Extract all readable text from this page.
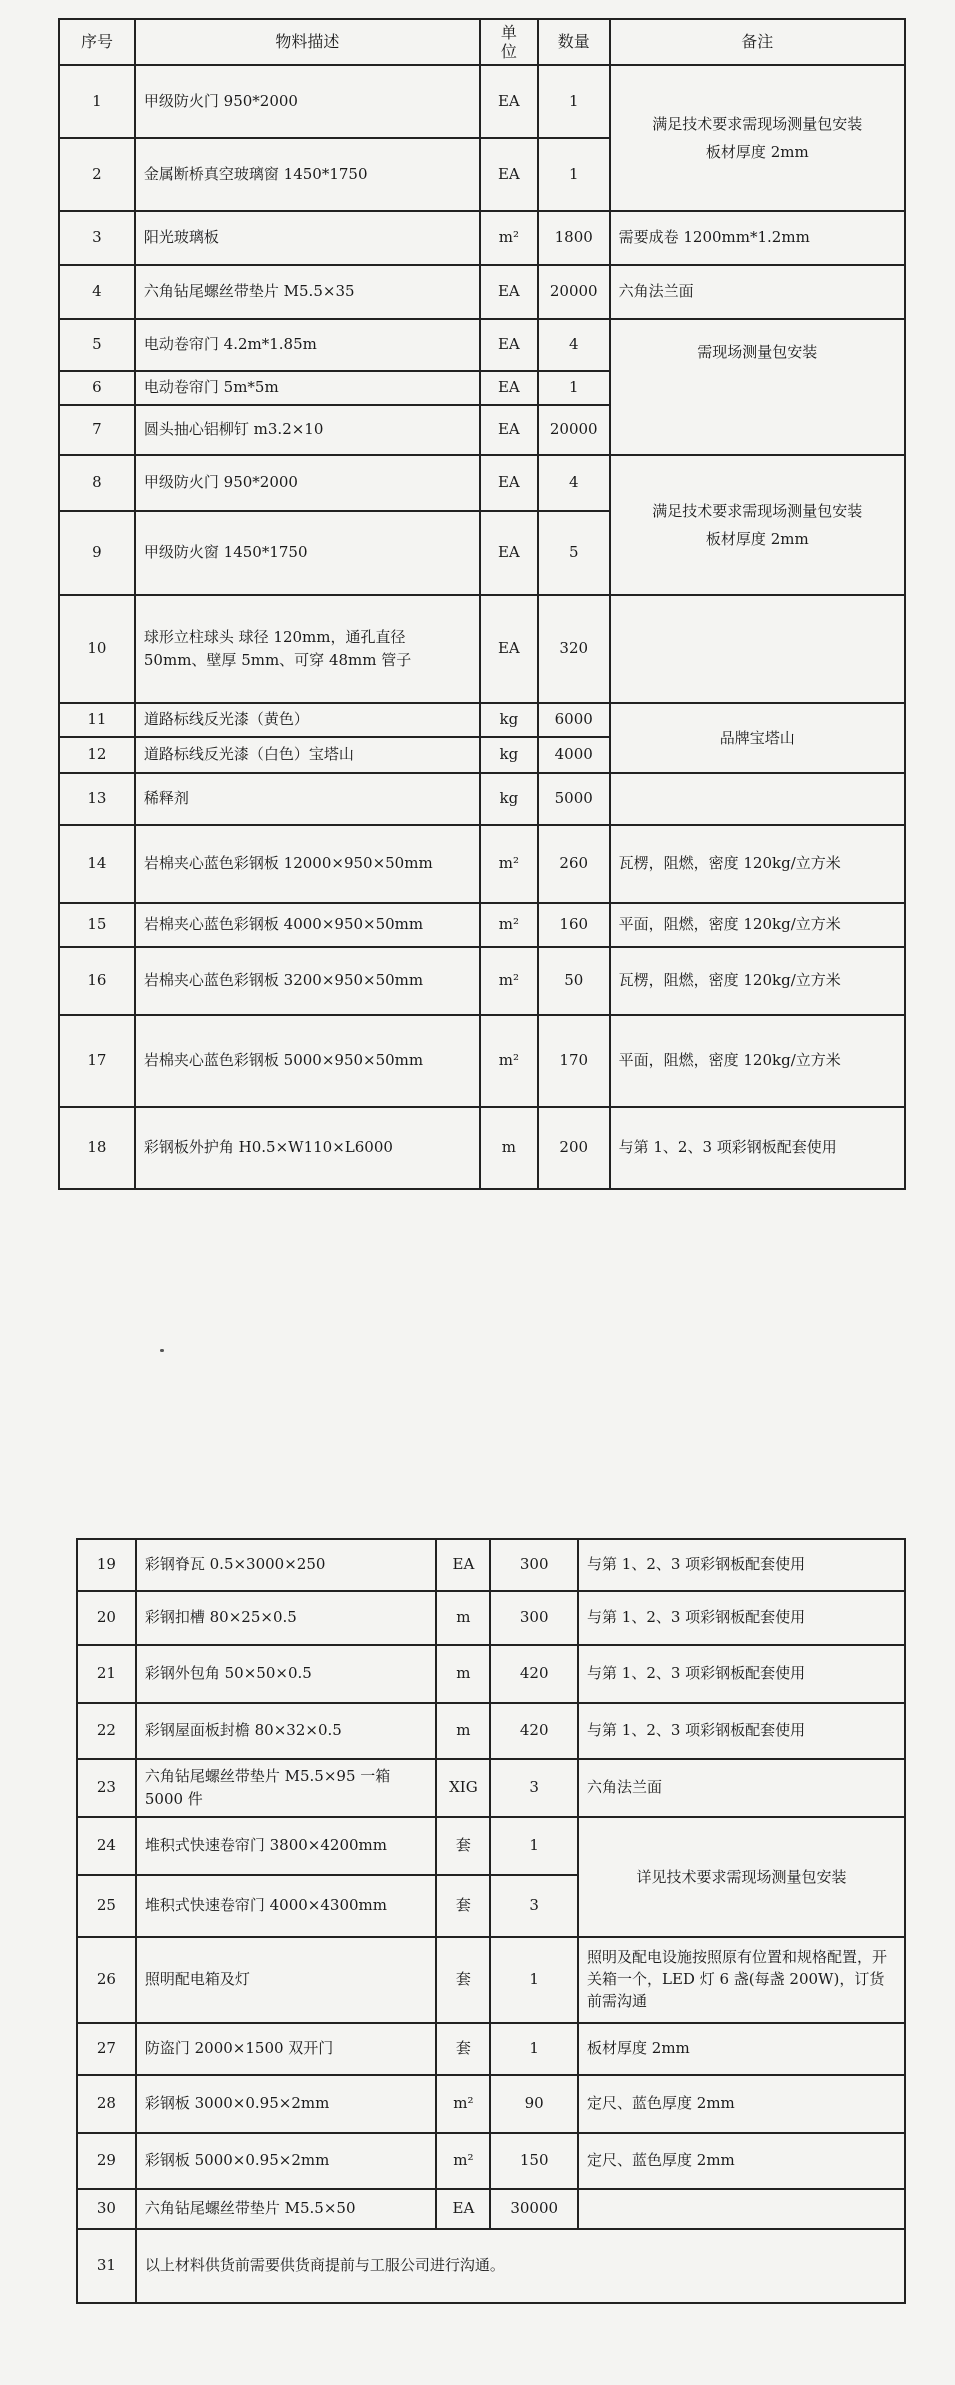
序号	物料描述	单
位	数量	备注
1	甲级防火门 950*2000	EA	1	满足技术要求需现场测量包安装
板材厚度 2mm
2	金属断桥真空玻璃窗 1450*1750	EA	1	
3	阳光玻璃板	m²	1800	需要成卷 1200mm*1.2mm
4	六角钻尾螺丝带垫片 M5.5×35	EA	20000	六角法兰面
5	电动卷帘门 4.2m*1.85m	EA	4	需现场测量包安装
6	电动卷帘门 5m*5m	EA	1	
7	圆头抽心铝柳钉 m3.2×10	EA	20000	
8	甲级防火门 950*2000	EA	4	满足技术要求需现场测量包安装
板材厚度 2mm
9	甲级防火窗 1450*1750	EA	5	
10	球形立柱球头 球径 120mm，通孔直径 50mm、壁厚 5mm、可穿 48mm 管子	EA	320	
11	道路标线反光漆（黄色）	kg	6000	品牌宝塔山
12	道路标线反光漆（白色）宝塔山	kg	4000	
13	稀释剂	kg	5000	
14	岩棉夹心蓝色彩钢板 12000×950×50mm	m²	260	瓦楞，阻燃，密度 120kg/立方米
15	岩棉夹心蓝色彩钢板 4000×950×50mm	m²	160	平面，阻燃，密度 120kg/立方米
16	岩棉夹心蓝色彩钢板 3200×950×50mm	m²	50	瓦楞，阻燃，密度 120kg/立方米
17	岩棉夹心蓝色彩钢板 5000×950×50mm	m²	170	平面，阻燃，密度 120kg/立方米
18	彩钢板外护角 H0.5×W110×L6000	m	200	与第 1、2、3 项彩钢板配套使用
19	彩钢脊瓦 0.5×3000×250	EA	300	与第 1、2、3 项彩钢板配套使用
20	彩钢扣槽 80×25×0.5	m	300	与第 1、2、3 项彩钢板配套使用
21	彩钢外包角 50×50×0.5	m	420	与第 1、2、3 项彩钢板配套使用
22	彩钢屋面板封檐 80×32×0.5	m	420	与第 1、2、3 项彩钢板配套使用
23	六角钻尾螺丝带垫片 M5.5×95 一箱 5000 件	XIG	3	六角法兰面
24	堆积式快速卷帘门 3800×4200mm	套	1	详见技术要求需现场测量包安装
25	堆积式快速卷帘门 4000×4300mm	套	3	
26	照明配电箱及灯	套	1	照明及配电设施按照原有位置和规格配置，开关箱一个，LED 灯 6 盏(每盏 200W)，订货前需沟通
27	防盗门 2000×1500 双开门	套	1	板材厚度 2mm
28	彩钢板 3000×0.95×2mm	m²	90	定尺、蓝色厚度 2mm
29	彩钢板 5000×0.95×2mm	m²	150	定尺、蓝色厚度 2mm
30	六角钻尾螺丝带垫片 M5.5×50	EA	30000	
31	以上材料供货前需要供货商提前与工服公司进行沟通。			
